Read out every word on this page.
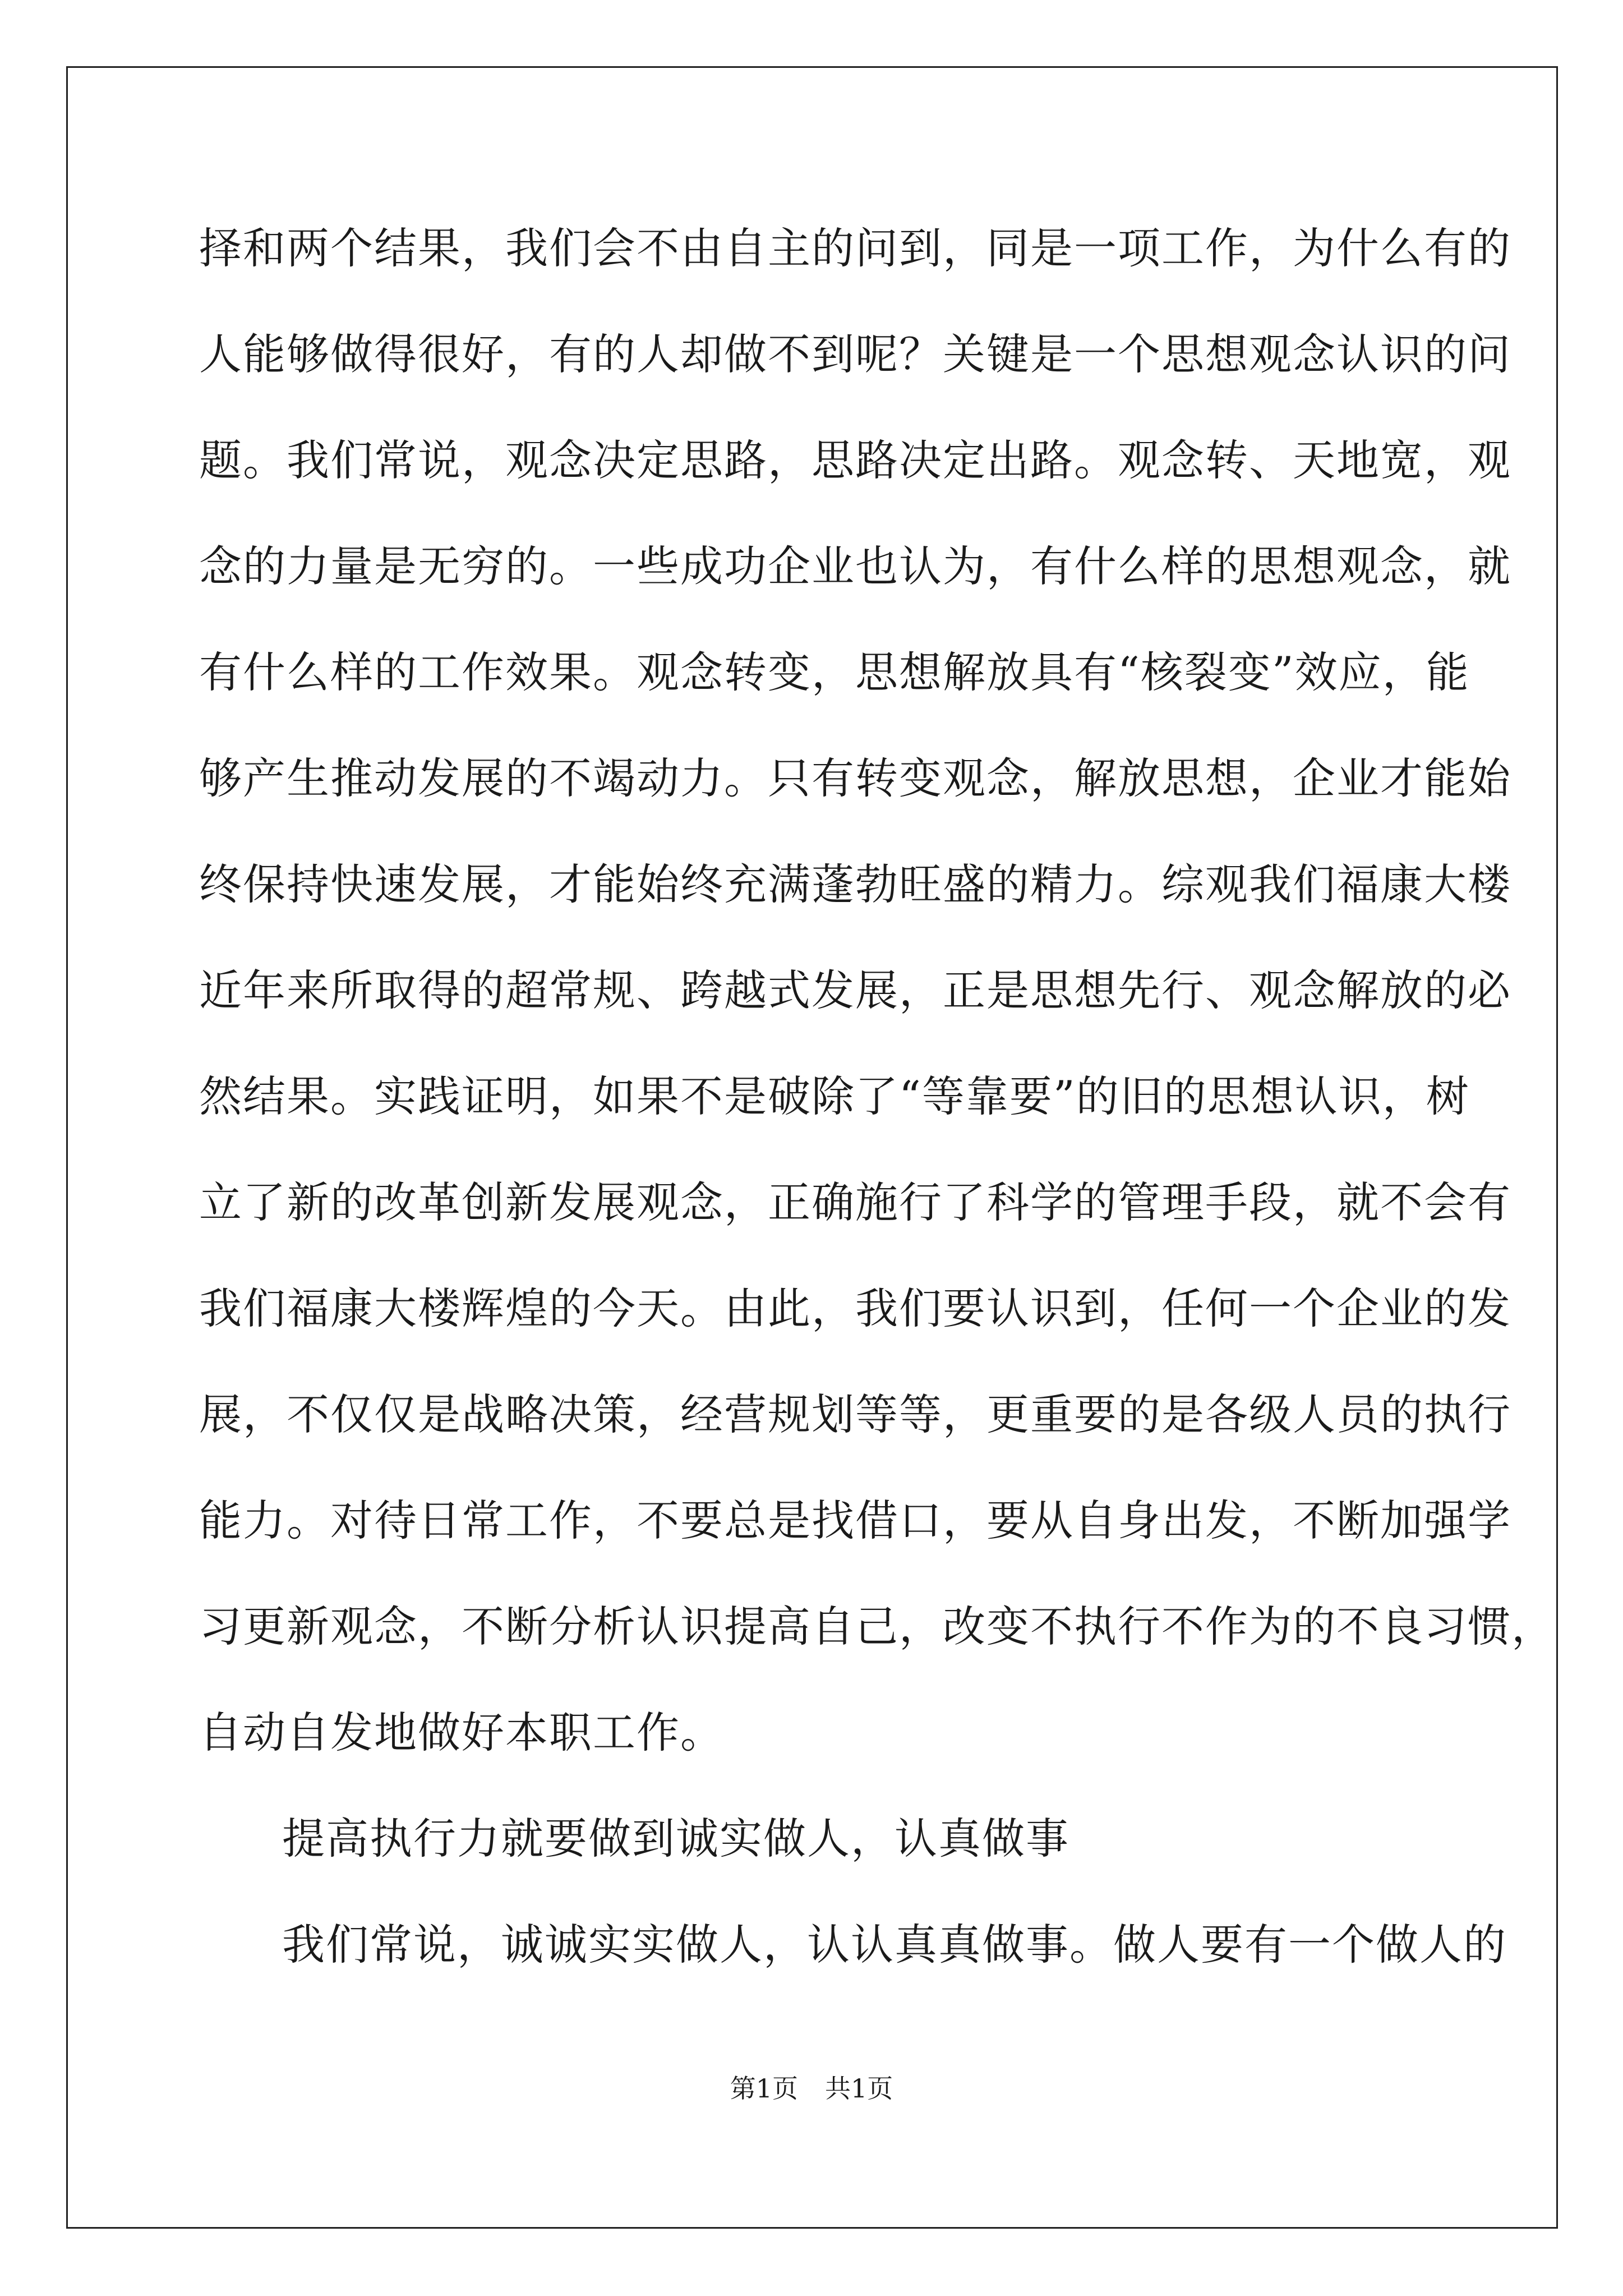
择和两个结果，我们会不由自主的问到，同是一项工作，为什么有的
人能够做得很好，有的人却做不到呢？关键是一个思想观念认识的问
题。我们常说，观念决定思路，思路决定出路。观念转、天地宽，观
念的力量是无穷的。一些成功企业也认为，有什么样的思想观念，就
有什么样的工作效果。观念转变，思想解放具有“核裂变”效应，能
够产生推动发展的不竭动力。只有转变观念，解放思想，企业才能始
终保持快速发展，才能始终充满蓬勃旺盛的精力。综观我们福康大楼
近年来所取得的超常规、跨越式发展，正是思想先行、观念解放的必
然结果。实践证明，如果不是破除了“等靠要”的旧的思想认识，树
立了新的改革创新发展观念，正确施行了科学的管理手段，就不会有
我们福康大楼辉煌的今天。由此，我们要认识到，任何一个企业的发
展，不仅仅是战略决策，经营规划等等，更重要的是各级人员的执行
能力。对待日常工作，不要总是找借口，要从自身出发，不断加强学
习更新观念，不断分析认识提高自己，改变不执行不作为的不良习惯，
自动自发地做好本职工作。
提高执行力就要做到诚实做人，认真做事
我们常说，诚诚实实做人，认认真真做事。做人要有一个做人的
第1页 共1页
